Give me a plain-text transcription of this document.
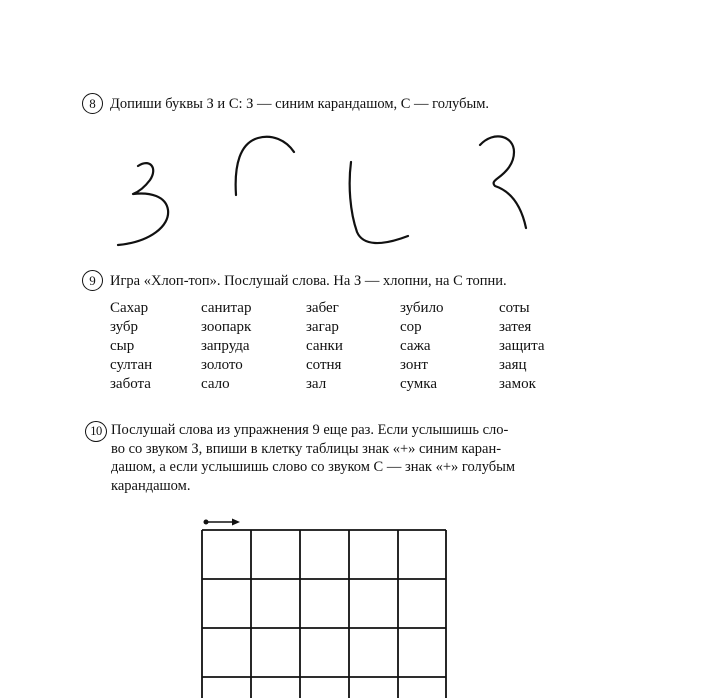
8 Допиши буквы З и С: З — синим карандашом, С — голубым.
9 Игра «Хлоп-топ». Послушай слова. На З — хлопни, на С топни.
Сахар
зубр
сыр
султан
забота
санитар
зоопарк
запруда
золото
сало
забег
загар
санки
сотня
зал
зубило
сор
сажа
зонт
сумка
соты
затея
защита
заяц
замок
10 Послушай слова из упражнения 9 еще раз. Если услышишь сло-
во со звуком З, впиши в клетку таблицы знак «+» синим каран-
дашом, а если услышишь слово со звуком С — знак «+» голубым
карандашом.
